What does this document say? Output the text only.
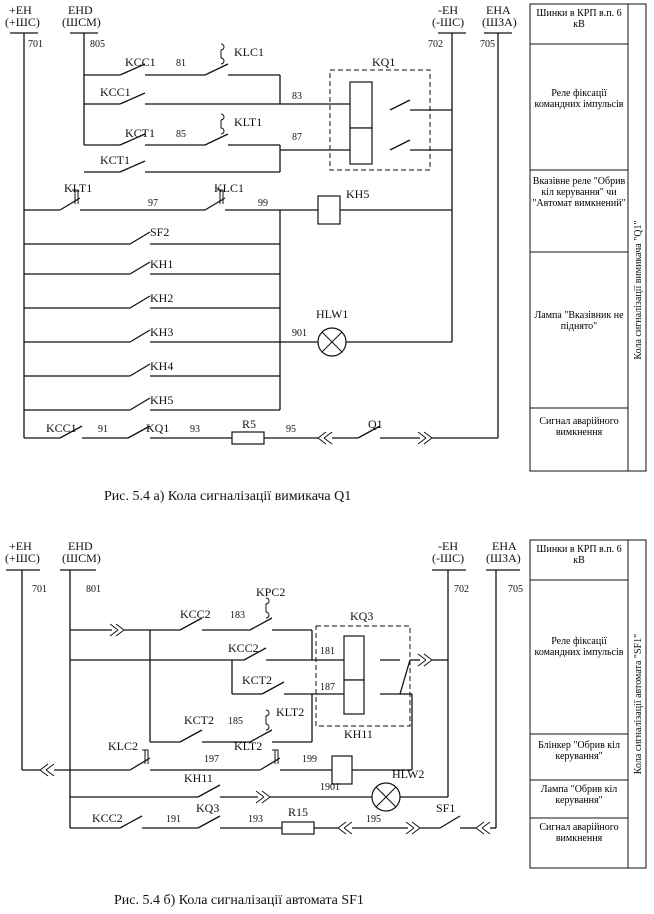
+ЕН
(+ШС)
701
EHD
(ШСМ)
805
-ЕН
(-ШС)
702
ЕНА
(ШЗА)
705
KCC1 81
KLC1
KCC1	83
KCT1 85
KLT1
KCT1
87
KQ1
KLT1
97
KLC1
99
KH5
SF2
KH1
KH2
KH3
KH4
KH5
HLW1
901
KCC1 91	KQ1 93	R5	95	Q1
Шинки в КРП в.п. 6 кВ
Реле фіксації командних імпульсів
Вказівне реле "Обрив кіл керування" чи "Автомат вимкнений"
Лампа "Вказівник не піднято"
Сигнал аварійного вимкнення
Кола сигналізації вимикача "Q1"
Рис. 5.4 а) Кола сигналізації вимикача Q1
+ЕН
(+ШС)
701
EHD
(ШСМ)
801
-ЕН
(-ШС)
702
ЕНА
(ШЗА)
705
KCC2 183
KPC2
KCC2	181
KCT2
187
KCT2 185
KLT2
KQ3
KLC2
197
KLT2
199
KH11
KH11
1901
HLW2
KCC2	191
KQ3
193
R15
195
SF1
Шинки в КРП в.п. 6 кВ
Реле фіксації командних імпульсів
Блінкер "Обрив кіл керування"
Лампа "Обрив кіл керування"
Сигнал аварійного вимкнення
Кола сигналізації автомата "SF1"
Рис. 5.4 б) Кола сигналізації автомата SF1
